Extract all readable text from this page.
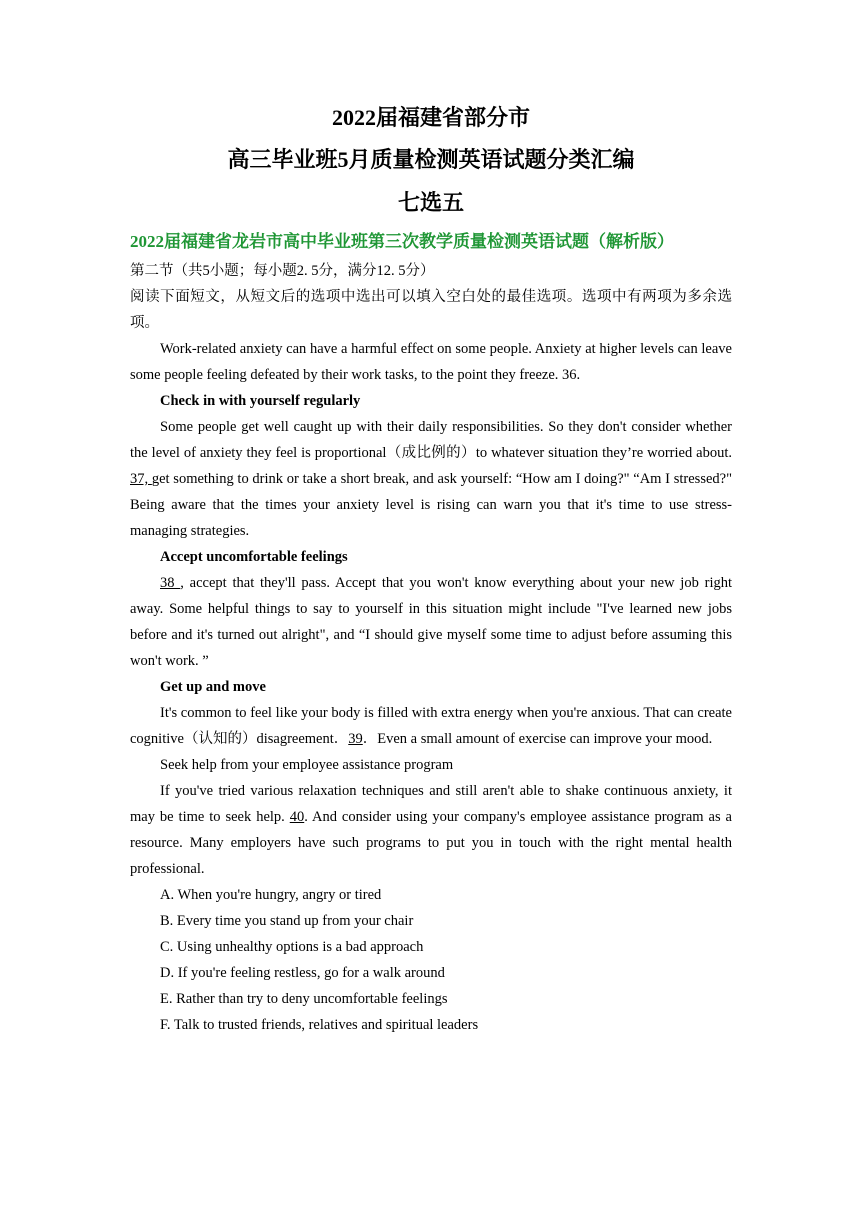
2022届福建省部分市
高三毕业班5月质量检测英语试题分类汇编
七选五
2022届福建省龙岩市高中毕业班第三次教学质量检测英语试题（解析版）

第二节（共5小题；每小题2. 5分，满分12. 5分）

阅读下面短文，从短文后的选项中选出可以填入空白处的最佳选项。选项中有两项为多余选项。

Work-related anxiety can have a harmful effect on some people. Anxiety at higher levels can leave some people feeling defeated by their work tasks, to the point they freeze. 36.

Check in with yourself regularly

Some people get well caught up with their daily responsibilities. So they don't consider whether the level of anxiety they feel is proportional（成比例的）to whatever situation they’re worried about. 37, get something to drink or take a short break, and ask yourself: “How am I doing?" “Am I stressed?" Being aware that the times your anxiety level is rising can warn you that it's time to use stress-managing strategies.

Accept uncomfortable feelings

38 , accept that they'll pass. Accept that you won't know everything about your new job right away. Some helpful things to say to yourself in this situation might include "I've learned new jobs before and it's turned out alright", and “I should give myself some time to adjust before assuming this won't work. ”

Get up and move

It's common to feel like your body is filled with extra energy when you're anxious. That can create cognitive（认知的）disagreement．39．Even a small amount of exercise can improve your mood.

Seek help from your employee assistance program

If you've tried various relaxation techniques and still aren't able to shake continuous anxiety, it may be time to seek help. 40. And consider using your company's employee assistance program as a resource. Many employers have such programs to put you in touch with the right mental health professional.

A. When you're hungry, angry or tired
B. Every time you stand up from your chair
C. Using unhealthy options is a bad approach
D. If you're feeling restless, go for a walk around
E. Rather than try to deny uncomfortable feelings
F. Talk to trusted friends, relatives and spiritual leaders
